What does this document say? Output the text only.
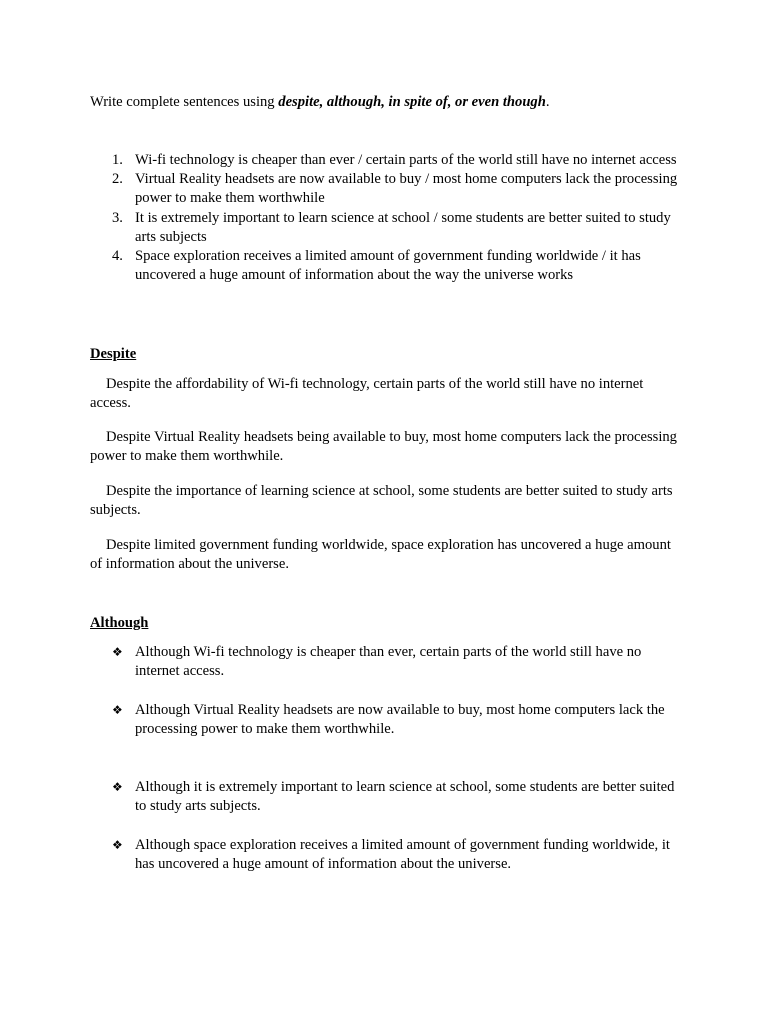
Write complete sentences using despite, although, in spite of, or even though.
1. Wi-fi technology is cheaper than ever / certain parts of the world still have no internet access
2. Virtual Reality headsets are now available to buy / most home computers lack the processing power to make them worthwhile
3. It is extremely important to learn science at school / some students are better suited to study arts subjects
4. Space exploration receives a limited amount of government funding worldwide / it has uncovered a huge amount of information about the way the universe works
Despite

Despite the affordability of Wi-fi technology, certain parts of the world still have no internet access.

Despite Virtual Reality headsets being available to buy, most home computers lack the processing power to make them worthwhile.

Despite the importance of learning science at school, some students are better suited to study arts subjects.

Despite limited government funding worldwide, space exploration has uncovered a huge amount of information about the universe.

Although
❖ Although Wi-fi technology is cheaper than ever, certain parts of the world still have no internet access.
❖ Although Virtual Reality headsets are now available to buy, most home computers lack the processing power to make them worthwhile.
❖ Although it is extremely important to learn science at school, some students are better suited to study arts subjects.
❖ Although space exploration receives a limited amount of government funding worldwide, it has uncovered a huge amount of information about the universe.
